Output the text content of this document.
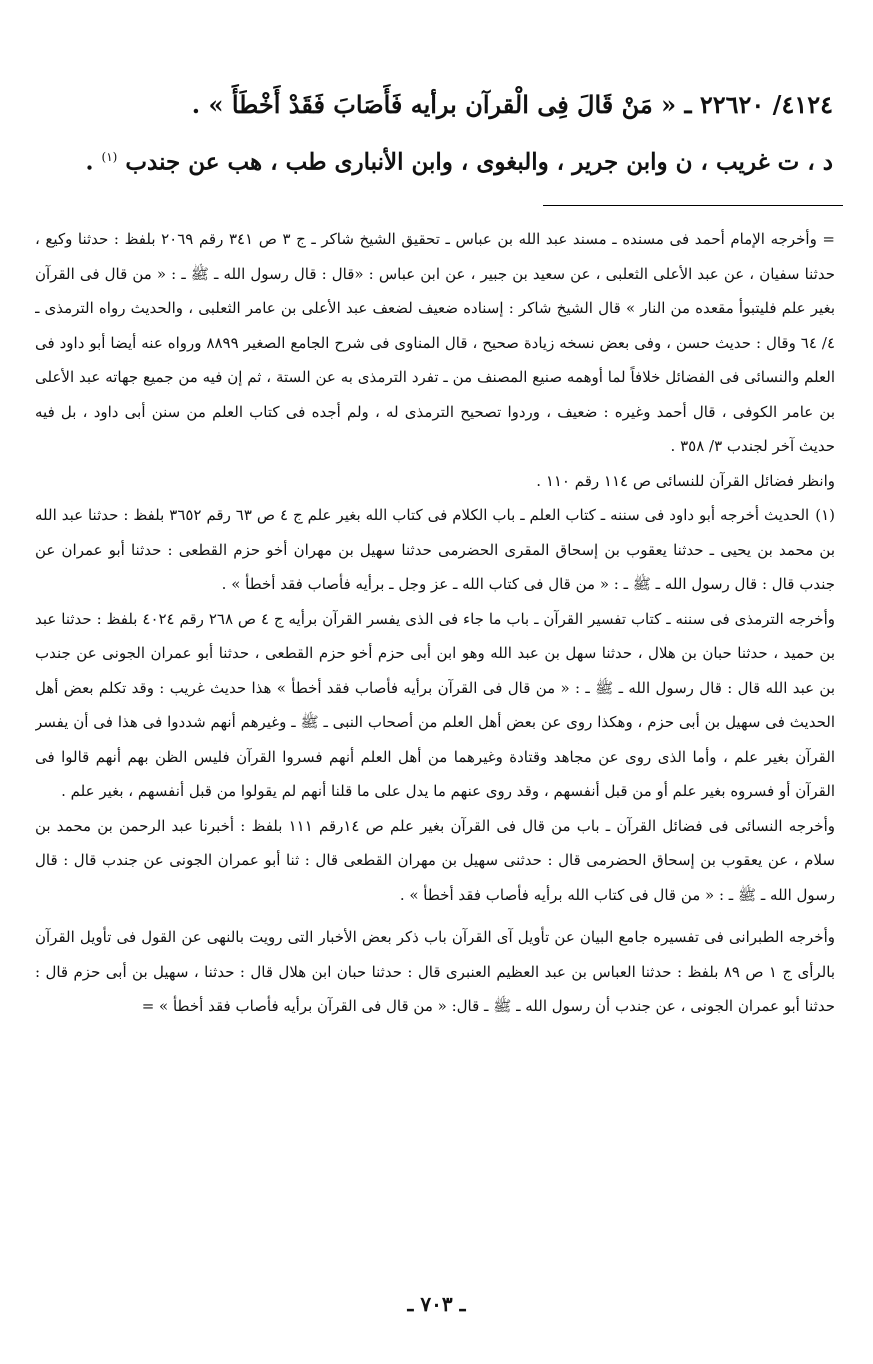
٤١٢٤/ ٢٢٦٢٠ ـ « مَنْ قَالَ فِى الْقرآن برأيه فَأَصَابَ فَقَدْ أَخْطَأَ » .
د ، ت غريب ، ن وابن جرير ، والبغوى ، وابن الأنبارى طب ، هب عن جندب $^{(١)}$ .

= وأخرجه الإمام أحمد فى مسنده ـ مسند عبد الله بن عباس ـ تحقيق الشيخ شاكر ـ ج ٣ ص ٣٤١ رقم ٢٠٦٩ بلفظ : حدثنا وكيع ، حدثنا سفيان ، عن عبد الأعلى الثعلبى ، عن سعيد بن جبير ، عن ابن عباس : «قال : قال رسول الله ـ ﷺ ـ : « من قال فى القرآن بغير علم فليتبوأ مقعده من النار » قال الشيخ شاكر : إسناده ضعيف لضعف عبد الأعلى بن عامر الثعلبى ، والحديث رواه الترمذى ـ ٤/ ٦٤ وقال : حديث حسن ، وفى بعض نسخه زيادة صحيح ، قال المناوى فى شرح الجامع الصغير ٨٨٩٩ ورواه عنه أيضا أبو داود فى العلم والنسائى فى الفضائل خلافاً لما أوهمه صنيع المصنف من ـ تفرد الترمذى به عن الستة ، ثم إن فيه من جميع جهاته عبد الأعلى بن عامر الكوفى ، قال أحمد وغيره : ضعيف ، وردوا تصحيح الترمذى له ، ولم أجده فى كتاب العلم من سنن أبى داود ، بل فيه حديث آخر لجندب ٣/ ٣٥٨ .

وانظر فضائل القرآن للنسائى ص ١١٤ رقم ١١٠ .

(١)الحديث أخرجه أبو داود فى سننه ـ كتاب العلم ـ باب الكلام فى كتاب الله بغير علم ج ٤ ص ٦٣ رقم ٣٦٥٢ بلفظ : حدثنا عبد الله بن محمد بن يحيى ـ حدثنا يعقوب بن إسحاق المقرى الحضرمى حدثنا سهيل بن مهران أخو حزم القطعى : حدثنا أبو عمران عن جندب قال : قال رسول الله ـ ﷺ ـ : « من قال فى كتاب الله ـ عز وجل ـ برأيه فأصاب فقد أخطأ » .

وأخرجه الترمذى فى سننه ـ كتاب تفسير القرآن ـ باب ما جاء فى الذى يفسر القرآن برأيه ج ٤ ص ٢٦٨ رقم ٤٠٢٤ بلفظ : حدثنا عبد بن حميد ، حدثنا حبان بن هلال ، حدثنا سهل بن عبد الله وهو ابن أبى حزم أخو حزم القطعى ، حدثنا أبو عمران الجونى عن جندب بن عبد الله قال : قال رسول الله ـ ﷺ ـ : « من قال فى القرآن برأيه فأصاب فقد أخطأ » هذا حديث غريب : وقد تكلم بعض أهل الحديث فى سهيل بن أبى حزم ، وهكذا روى عن بعض أهل العلم من أصحاب النبى ـ ﷺ ـ وغيرهم أنهم شددوا فى هذا فى أن يفسر القرآن بغير علم ، وأما الذى روى عن مجاهد وقتادة وغيرهما من أهل العلم أنهم فسروا القرآن فليس الظن بهم أنهم قالوا فى القرآن أو فسروه بغير علم أو من قبل أنفسهم ، وقد روى عنهم ما يدل على ما قلنا أنهم لم يقولوا من قبل أنفسهم ، بغير علم .

وأخرجه النسائى فى فضائل القرآن ـ باب من قال فى القرآن بغير علم ص ١٤رقم ١١١ بلفظ : أخبرنا عبد الرحمن بن محمد بن سلام ، عن يعقوب بن إسحاق الحضرمى قال : حدثنى سهيل بن مهران القطعى قال : ثنا أبو عمران الجونى عن جندب قال : قال رسول الله ـ ﷺ ـ : « من قال فى كتاب الله برأيه فأصاب فقد أخطأ » .

وأخرجه الطبرانى فى تفسيره جامع البيان عن تأويل آى القرآن باب ذكر بعض الأخبار التى رويت بالنهى عن القول فى تأويل القرآن بالرأى ج ١ ص ٨٩ بلفظ : حدثنا العباس بن عبد العظيم العنبرى قال : حدثنا حبان ابن هلال قال : حدثنا ، سهيل بن أبى حزم قال : حدثنا أبو عمران الجونى ، عن جندب أن رسول الله ـ ﷺ ـ قال: « من قال فى القرآن برأيه فأصاب فقد أخطأ » =

ـ ٧٠٣ ـ
